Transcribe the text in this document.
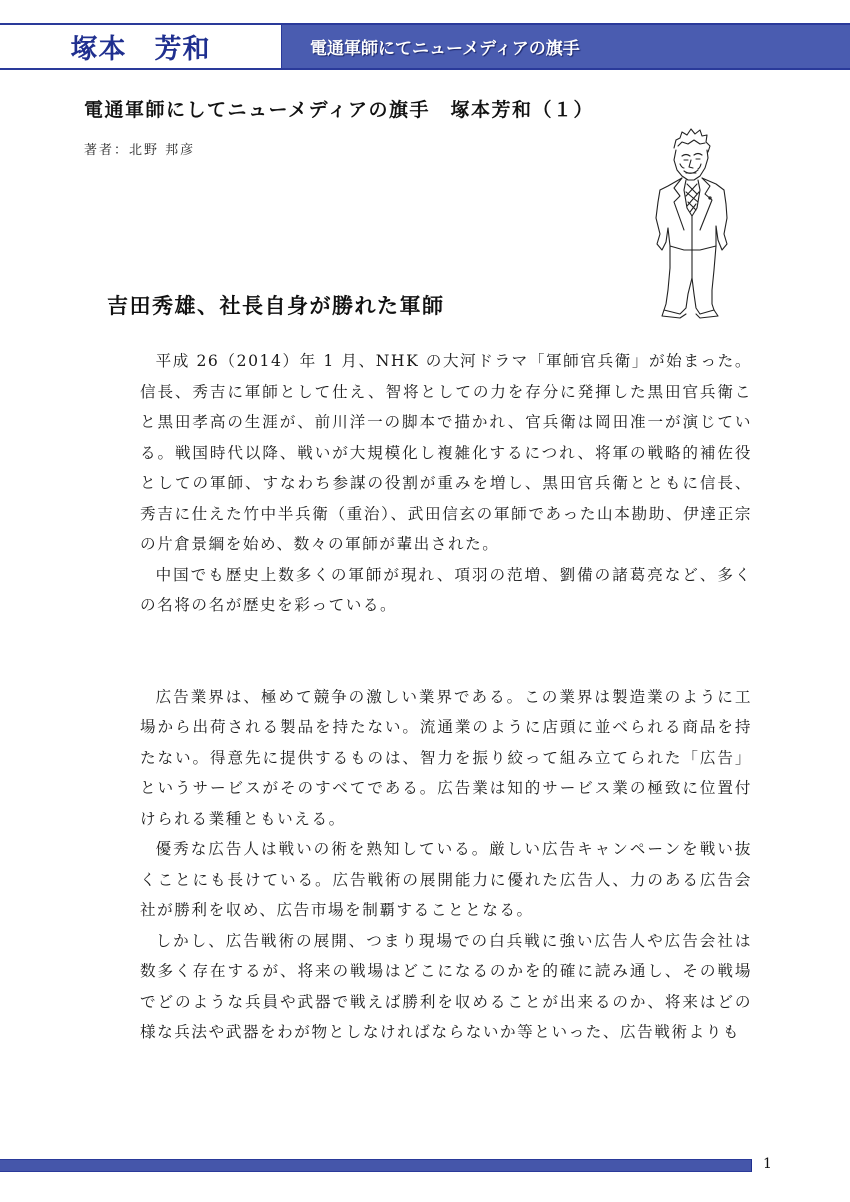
塚本　芳和	電通軍師にてニューメディアの旗手
電通軍師にしてニューメディアの旗手　塚本芳和（１）
著者：北野 邦彦
吉田秀雄、社長自身が勝れた軍師

平成 26（2014）年 1 月、NHK の大河ドラマ「軍師官兵衛」が始まった。信長、秀吉に軍師として仕え、智将としての力を存分に発揮した黒田官兵衛こと黒田孝高の生涯が、前川洋一の脚本で描かれ、官兵衛は岡田准一が演じている。戦国時代以降、戦いが大規模化し複雑化するにつれ、将軍の戦略的補佐役としての軍師、すなわち参謀の役割が重みを増し、黒田官兵衛とともに信長、秀吉に仕えた竹中半兵衛（重治）、武田信玄の軍師であった山本勘助、伊達正宗の片倉景綱を始め、数々の軍師が輩出された。

中国でも歴史上数多くの軍師が現れ、項羽の范増、劉備の諸葛亮など、多くの名将の名が歴史を彩っている。

広告業界は、極めて競争の激しい業界である。この業界は製造業のように工場から出荷される製品を持たない。流通業のように店頭に並べられる商品を持たない。得意先に提供するものは、智力を振り絞って組み立てられた「広告」というサービスがそのすべてである。広告業は知的サービス業の極致に位置付けられる業種ともいえる。

優秀な広告人は戦いの術を熟知している。厳しい広告キャンペーンを戦い抜くことにも長けている。広告戦術の展開能力に優れた広告人、力のある広告会社が勝利を収め、広告市場を制覇することとなる。

しかし、広告戦術の展開、つまり現場での白兵戦に強い広告人や広告会社は数多く存在するが、将来の戦場はどこになるのかを的確に読み通し、その戦場でどのような兵員や武器で戦えば勝利を収めることが出来るのか、将来はどの様な兵法や武器をわが物としなければならないか等といった、広告戦術よりも

1
